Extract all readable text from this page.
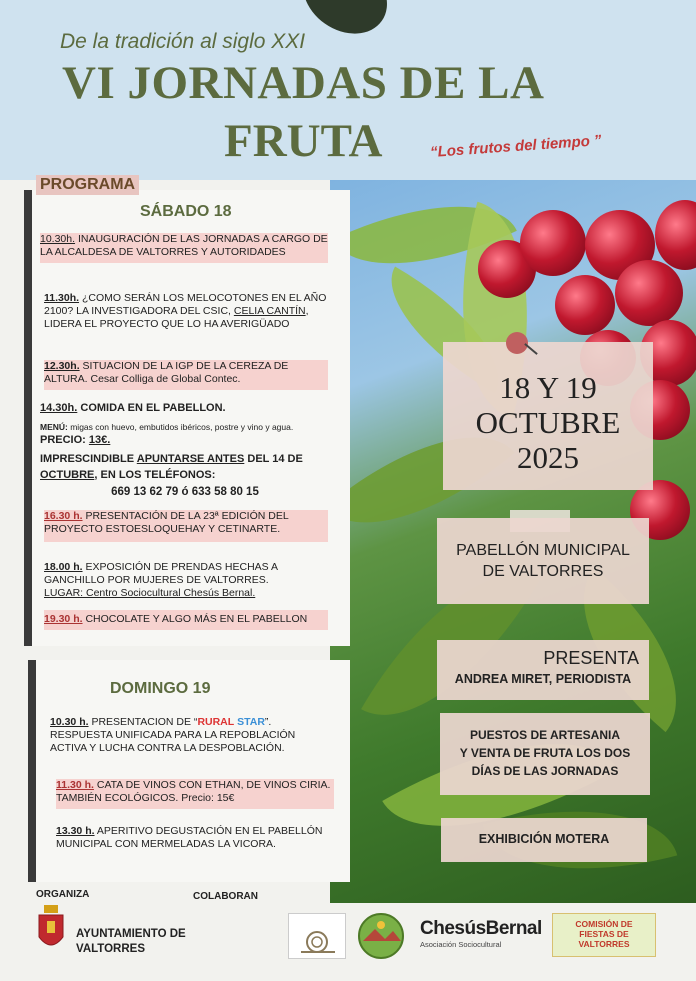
De la tradición al siglo XXI
VI JORNADAS DE LA
FRUTA	“Los frutos del tiempo ”
PROGRAMA
SÁBADO 18
10.30h. INAUGURACIÓN DE LAS JORNADAS A CARGO DE LA ALCALDESA DE VALTORRES Y AUTORIDADES
11.30h. ¿COMO SERÁN LOS MELOCOTONES EN EL AÑO 2100? LA INVESTIGADORA DEL CSIC, CELIA CANTÍN, LIDERA EL PROYECTO QUE LO HA AVERIGÜADO
12.30h. SITUACION DE LA IGP DE LA CEREZA DE ALTURA. Cesar Colliga de Global Contec.
14.30h. COMIDA EN EL PABELLON.
MENÚ: migas con huevo, embutidos ibéricos, postre y vino y agua.
PRECIO: 13€.
IMPRESCINDIBLE APUNTARSE ANTES DEL 14 DE OCTUBRE, EN LOS TELÉFONOS:
669 13 62 79 ó 633 58 80 15
16.30 h. PRESENTACIÓN DE LA 23ª EDICIÓN DEL PROYECTO ESTOESLOQUEHAY Y CETINARTE.
18.00 h. EXPOSICIÓN DE PRENDAS HECHAS A GANCHILLO POR MUJERES DE VALTORRES.
LUGAR: Centro Sociocultural Chesús Bernal.
19.30 h. CHOCOLATE Y ALGO MÁS EN EL PABELLON
DOMINGO 19
10.30 h. PRESENTACION DE “RURAL STAR”. RESPUESTA UNIFICADA PARA LA REPOBLACIÓN ACTIVA Y LUCHA CONTRA LA DESPOBLACIÓN.
11.30 h. CATA DE VINOS CON ETHAN, DE VINOS CIRIA. TAMBIÉN ECOLÓGICOS. Precio: 15€
13.30 h. APERITIVO DEGUSTACIÓN EN EL PABELLÓN MUNICIPAL CON MERMELADAS LA VICORA.
18 Y 19
OCTUBRE
2025
PABELLÓN MUNICIPAL
DE VALTORRES
PRESENTA
ANDREA MIRET, PERIODISTA
PUESTOS DE ARTESANIA
Y VENTA DE FRUTA LOS DOS
DÍAS DE LAS JORNADAS
EXHIBICIÓN MOTERA
ORGANIZA	COLABORAN
AYUNTAMIENTO DE
VALTORRES
ChesúsBernal
Asociación Sociocultural
COMISIÓN DE
FIESTAS DE
VALTORRES
